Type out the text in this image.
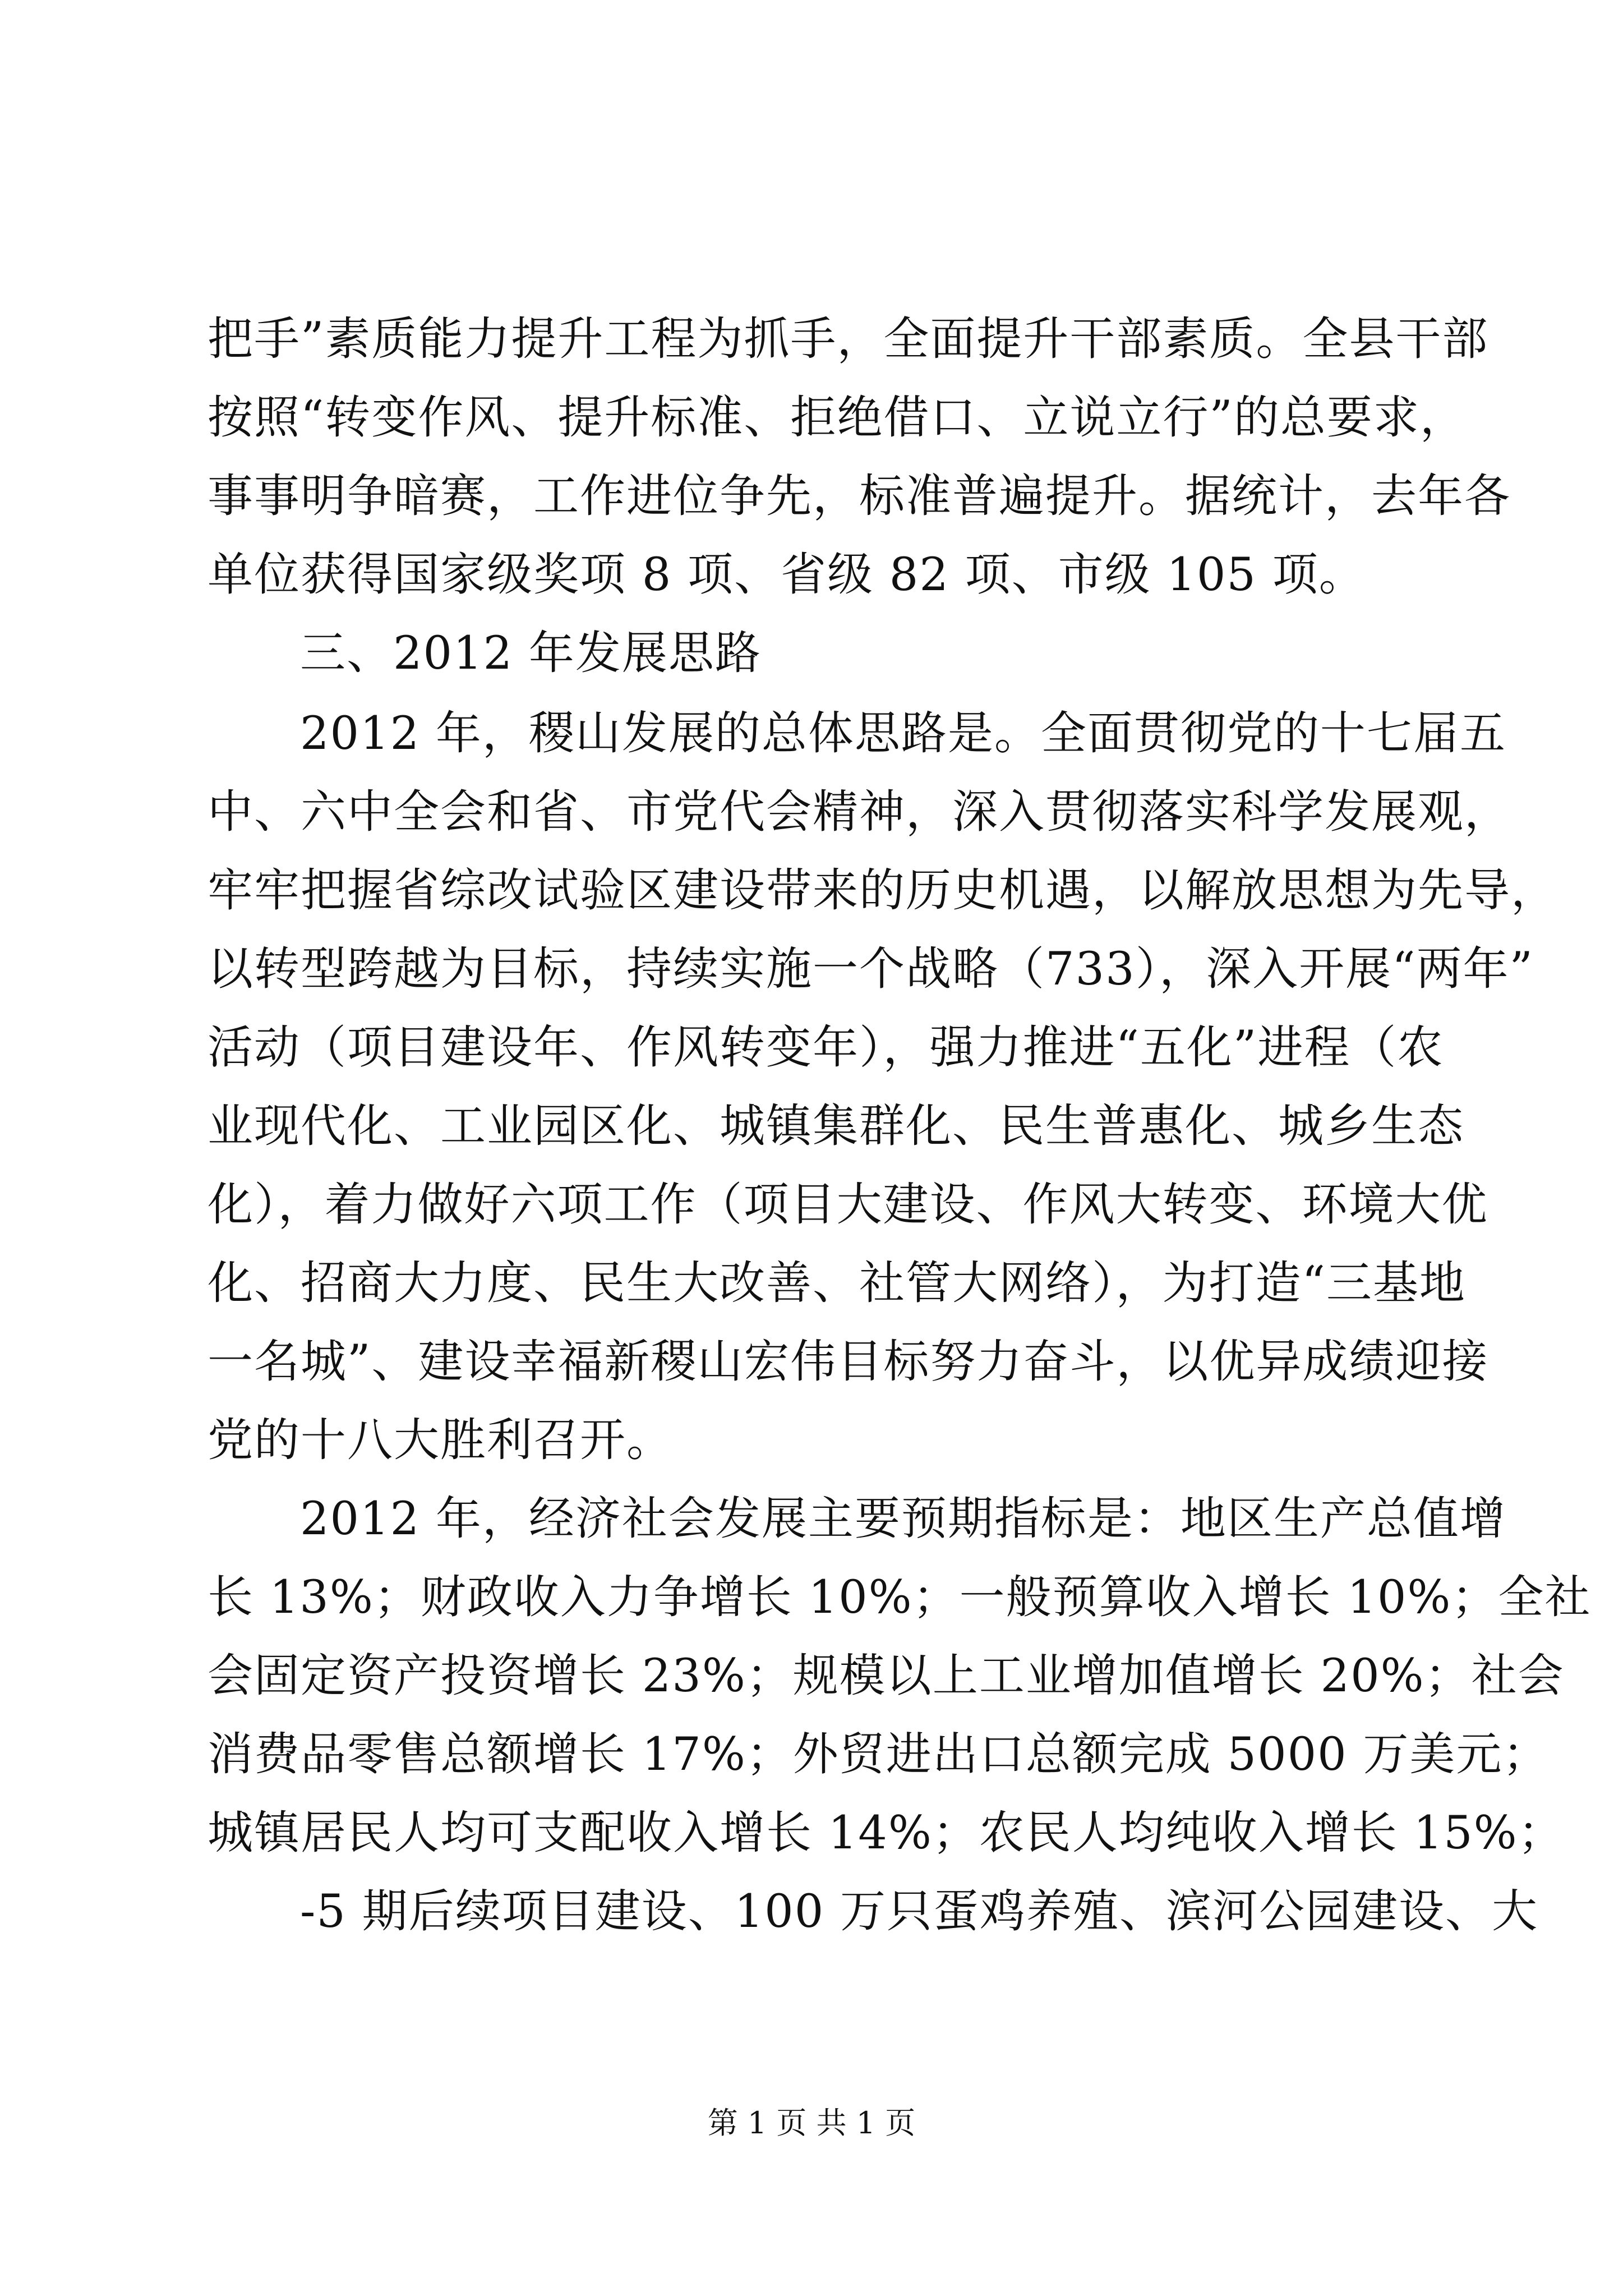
把手”素质能力提升工程为抓手，全面提升干部素质。全县干部
按照“转变作风、提升标准、拒绝借口、立说立行”的总要求，
事事明争暗赛，工作进位争先，标准普遍提升。据统计，去年各
单位获得国家级奖项 8 项、省级 82 项、市级 105 项。
三、2012 年发展思路
2012 年，稷山发展的总体思路是。全面贯彻党的十七届五
中、六中全会和省、市党代会精神，深入贯彻落实科学发展观，
牢牢把握省综改试验区建设带来的历史机遇，以解放思想为先导，
以转型跨越为目标，持续实施一个战略（733），深入开展“两年”
活动（项目建设年、作风转变年），强力推进“五化”进程（农
业现代化、工业园区化、城镇集群化、民生普惠化、城乡生态
化），着力做好六项工作（项目大建设、作风大转变、环境大优
化、招商大力度、民生大改善、社管大网络），为打造“三基地
一名城”、建设幸福新稷山宏伟目标努力奋斗，以优异成绩迎接
党的十八大胜利召开。
2012 年，经济社会发展主要预期指标是：地区生产总值增
长 13%；财政收入力争增长 10%；一般预算收入增长 10%；全社
会固定资产投资增长 23%；规模以上工业增加值增长 20%；社会
消费品零售总额增长 17%；外贸进出口总额完成 5000 万美元；
城镇居民人均可支配收入增长 14%；农民人均纯收入增长 15%；
-5 期后续项目建设、100 万只蛋鸡养殖、滨河公园建设、大
第 1 页 共 1 页
